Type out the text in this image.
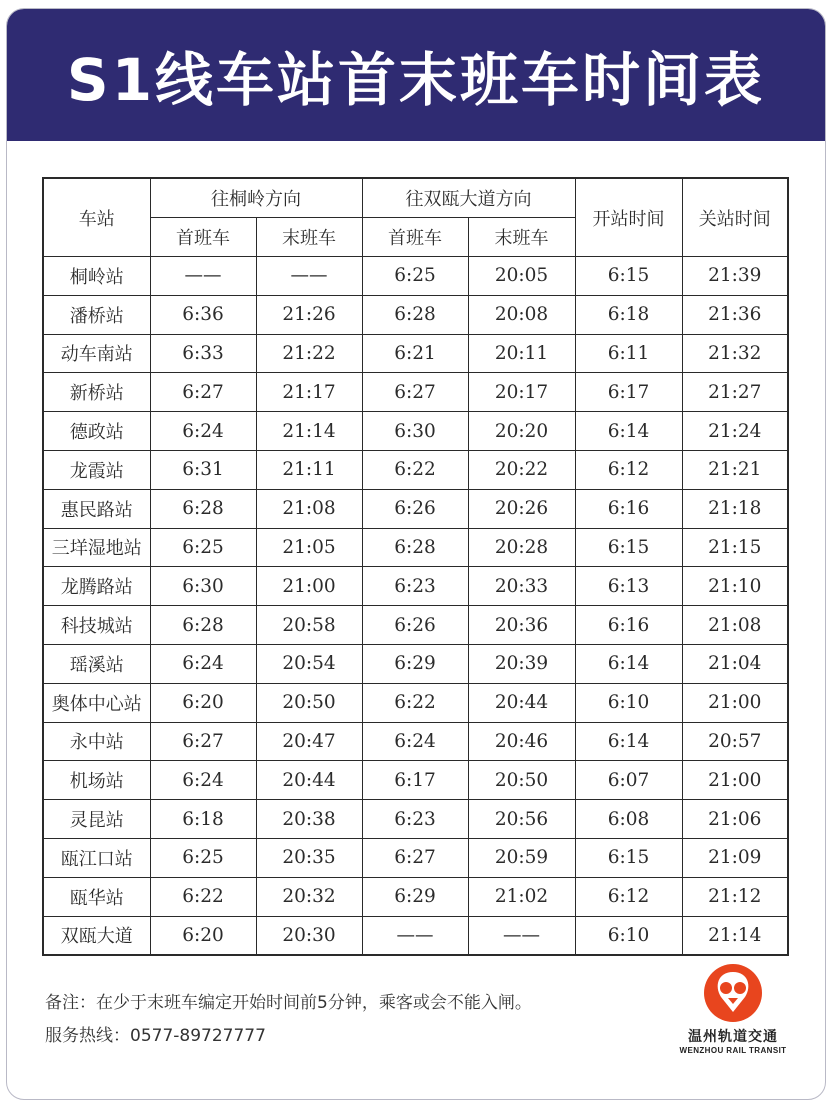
S1线车站首末班车时间表
车站	往桐岭方向		往双瓯大道方向		开站时间	关站时间
	首班车	末班车	首班车	末班车		
桐岭站	——	——	6:25	20:05	6:15	21:39
潘桥站	6:36	21:26	6:28	20:08	6:18	21:36
动车南站	6:33	21:22	6:21	20:11	6:11	21:32
新桥站	6:27	21:17	6:27	20:17	6:17	21:27
德政站	6:24	21:14	6:30	20:20	6:14	21:24
龙霞站	6:31	21:11	6:22	20:22	6:12	21:21
惠民路站	6:28	21:08	6:26	20:26	6:16	21:18
三垟湿地站	6:25	21:05	6:28	20:28	6:15	21:15
龙腾路站	6:30	21:00	6:23	20:33	6:13	21:10
科技城站	6:28	20:58	6:26	20:36	6:16	21:08
瑶溪站	6:24	20:54	6:29	20:39	6:14	21:04
奥体中心站	6:20	20:50	6:22	20:44	6:10	21:00
永中站	6:27	20:47	6:24	20:46	6:14	20:57
机场站	6:24	20:44	6:17	20:50	6:07	21:00
灵昆站	6:18	20:38	6:23	20:56	6:08	21:06
瓯江口站	6:25	20:35	6:27	20:59	6:15	21:09
瓯华站	6:22	20:32	6:29	21:02	6:12	21:12
双瓯大道	6:20	20:30	——	——	6:10	21:14
备注：在少于末班车编定开始时间前5分钟，乘客或会不能入闸。
服务热线：0577-89727777	温州轨道交通
WENZHOU RAIL TRANSIT
